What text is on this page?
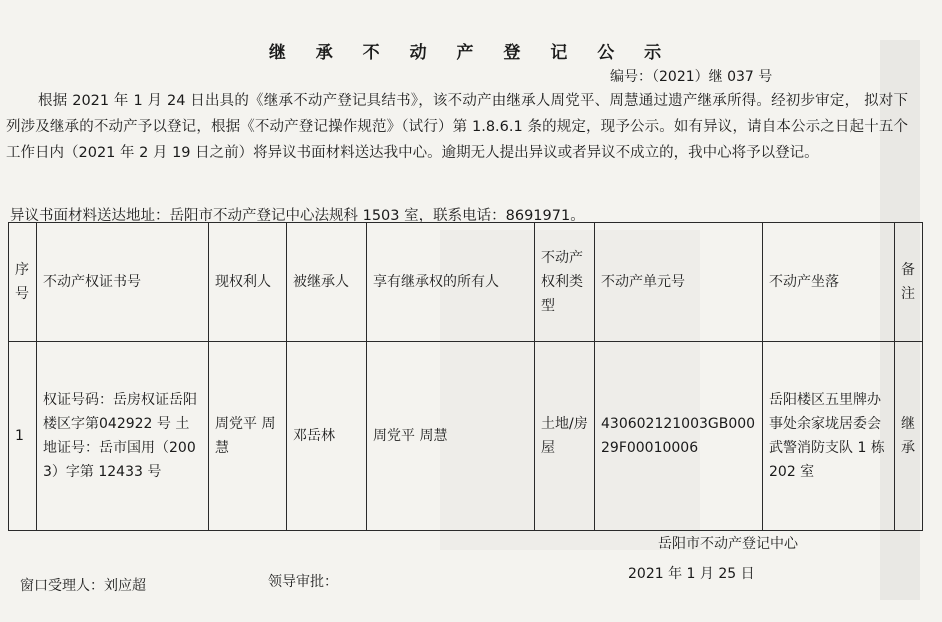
继 承 不 动 产 登 记 公 示
编号：（2021）继 037 号

根据 2021 年 1 月 24 日出具的《继承不动产登记具结书》，该不动产由继承人周党平、周慧通过遗产继承所得。经初步审定， 拟对下列涉及继承的不动产予以登记，根据《不动产登记操作规范》（试行）第 1.8.6.1 条的规定，现予公示。如有异议，请自本公示之日起十五个工作日内（2021 年 2 月 19 日之前）将异议书面材料送达我中心。逾期无人提出异议或者异议不成立的，我中心将予以登记。

异议书面材料送达地址：岳阳市不动产登记中心法规科 1503 室，联系电话：8691971。
序号	不动产权证书号	现权利人	被继承人	享有继承权的所有人	不动产权利类型	不动产单元号	不动产坐落	备注
1	权证号码：岳房权证岳阳楼区字第042922 号 土地证号：岳市国用（2003）字第 12433 号	周党平 周慧	邓岳林	周党平 周慧	土地/房屋	430602121003GB00029F00010006	岳阳楼区五里牌办事处余家垅居委会武警消防支队 1 栋 202 室	继承
岳阳市不动产登记中心
2021 年 1 月 25 日
窗口受理人：刘应超	领导审批：
